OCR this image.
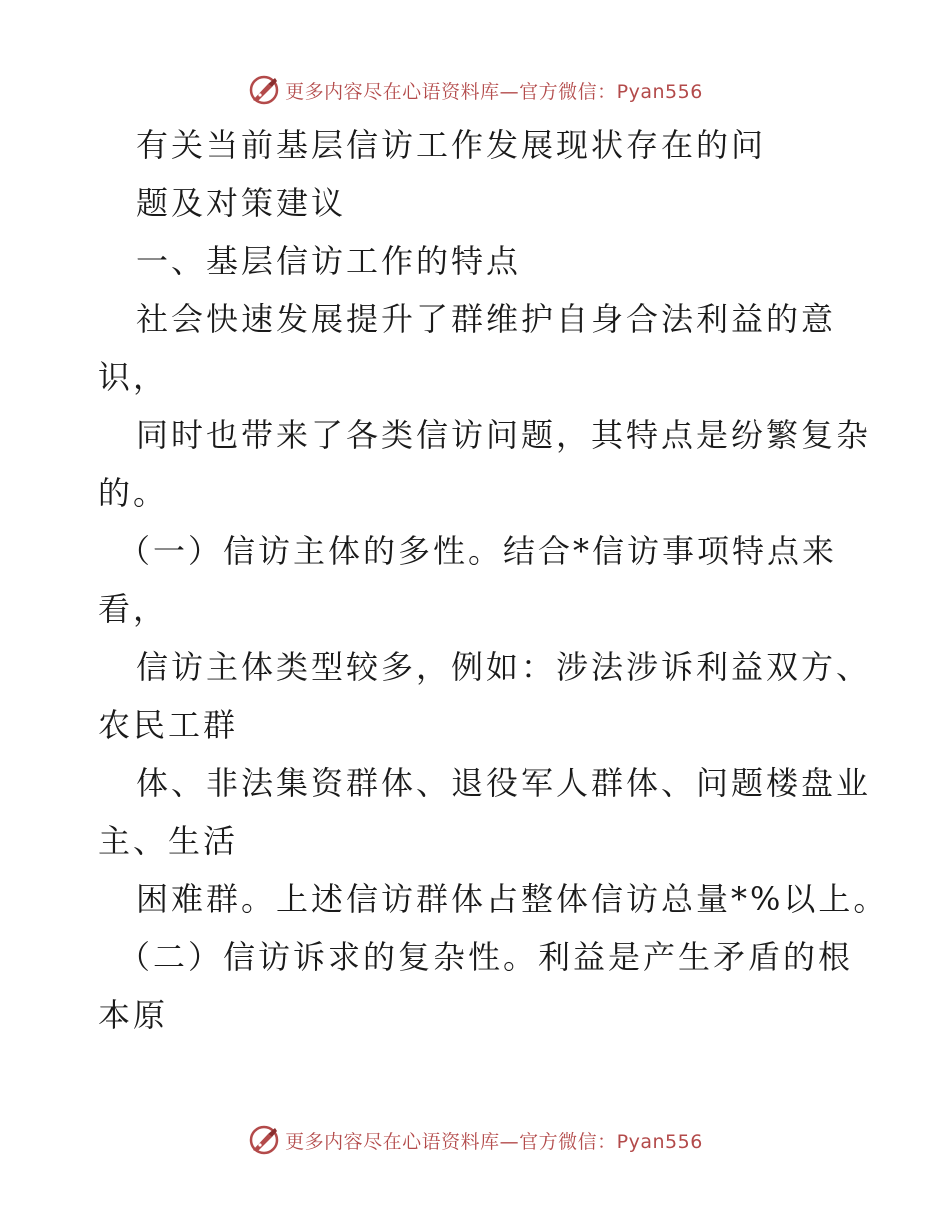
更多内容尽在心语资料库—官方微信：Pyan556
有关当前基层信访工作发展现状存在的问
题及对策建议
一、基层信访工作的特点
社会快速发展提升了群维护自身合法利益的意
识，
同时也带来了各类信访问题，其特点是纷繁复杂
的。
（一）信访主体的多性。结合*信访事项特点来
看，
信访主体类型较多，例如：涉法涉诉利益双方、
农民工群
体、非法集资群体、退役军人群体、问题楼盘业
主、生活
困难群。上述信访群体占整体信访总量*%以上。
（二）信访诉求的复杂性。利益是产生矛盾的根
本原
更多内容尽在心语资料库—官方微信：Pyan556
